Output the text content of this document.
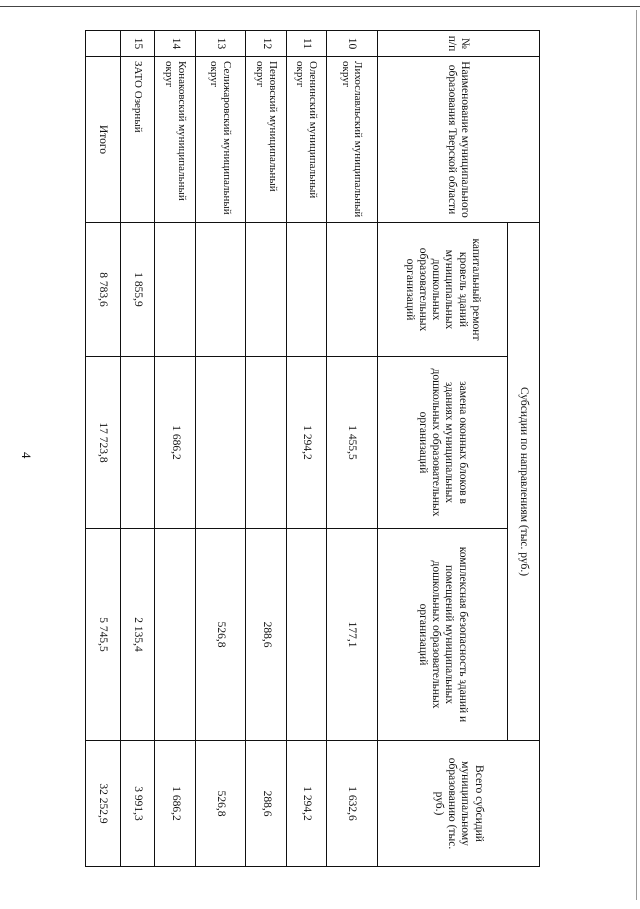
4
№ п/п	Наименование муниципального образования Тверской области	Субсидии по направлениям (тыс. руб.)			Всего субсидий муниципальному образованию (тыс. руб.)
		капитальный ремонт кровель зданий муниципальных дошкольных образовательных организаций	замена оконных блоков в зданиях муниципальных дошкольных образовательных организаций	комплексная безопасность зданий и помещений муниципальных дошкольных образовательных организаций	
10	Лихославльский муниципальный округ		1 455,5	177,1	1 632,6
11	Оленинский муниципальный округ		1 294,2		1 294,2
12	Пеновский муниципальный округ			288,6	288,6
13	Селижаровский муниципальный округ			526,8	526,8
14	Конаковский муниципальный округ		1 686,2		1 686,2
15	ЗАТО Озерный	1 855,9		2 135,4	3 991,3
	Итого	8 783,6	17 723,8	5 745,5	32 252,9
